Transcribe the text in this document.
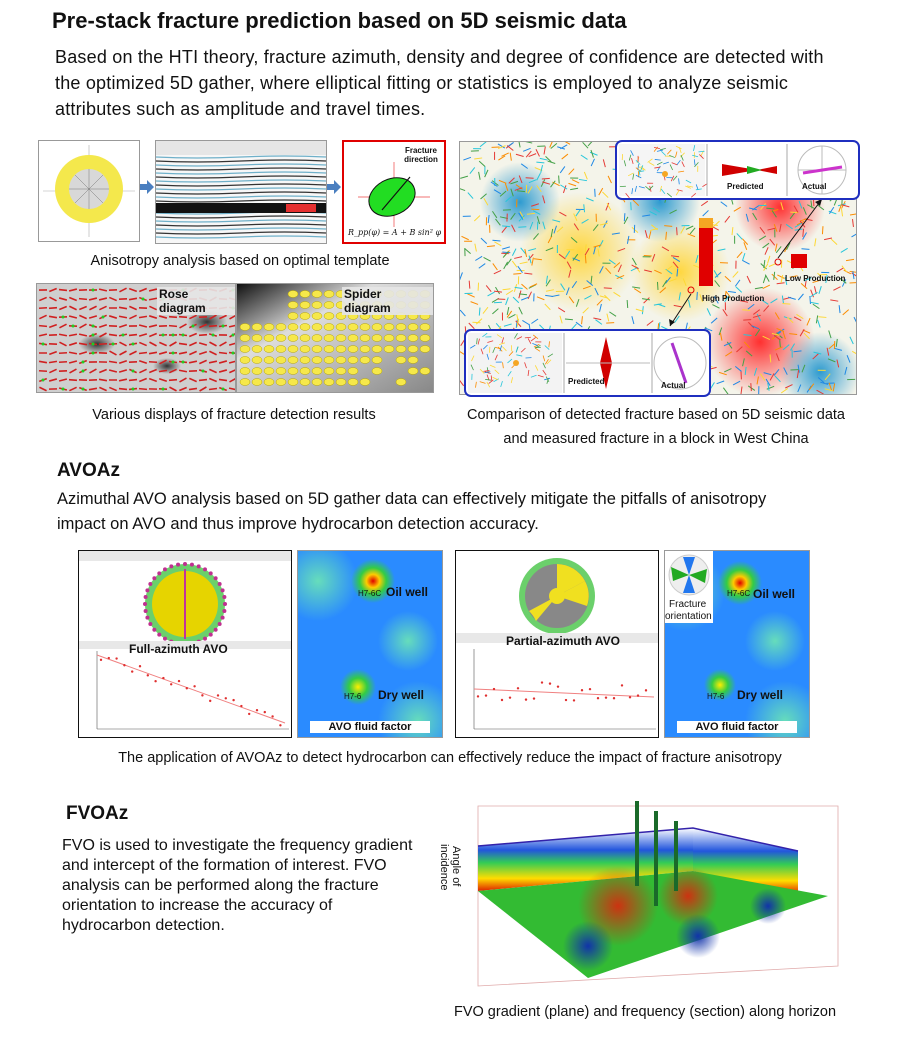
Pre-stack fracture prediction based on 5D seismic data
Based on the HTI theory, fracture azimuth, density and degree of confidence are detected with the optimized 5D gather, where elliptical fitting or statistics is employed to analyze seismic attributes such as amplitude and travel times.
Fracture direction
R_pp(φ) = A + B sin² φ
Anisotropy analysis based on optimal template
Rose diagram
Spider diagram
Various displays of fracture detection results
High Production
Low Production
Predicted	Actual
Predicted	Actual
Comparison of detected fracture based on 5D seismic data
and measured fracture in a block in West China
AVOAz
Azimuthal AVO analysis based on 5D gather data can effectively mitigate the pitfalls of anisotropy
impact on AVO and thus improve hydrocarbon detection accuracy.
Full-azimuth AVO
Oil well
Dry well
H7-6C
H7-6
AVO fluid factor
Partial-azimuth AVO
Fracture
orientation
Oil well
Dry well
H7-6C
H7-6
AVO fluid factor
The application of AVOAz to detect hydrocarbon can effectively reduce the impact of fracture anisotropy
FVOAz
FVO is used to investigate the frequency gradient and intercept of the formation of interest. FVO analysis can be performed along the fracture orientation to increase the accuracy of hydrocarbon detection.
Angle of
incidence
FVO gradient (plane) and frequency (section) along horizon
